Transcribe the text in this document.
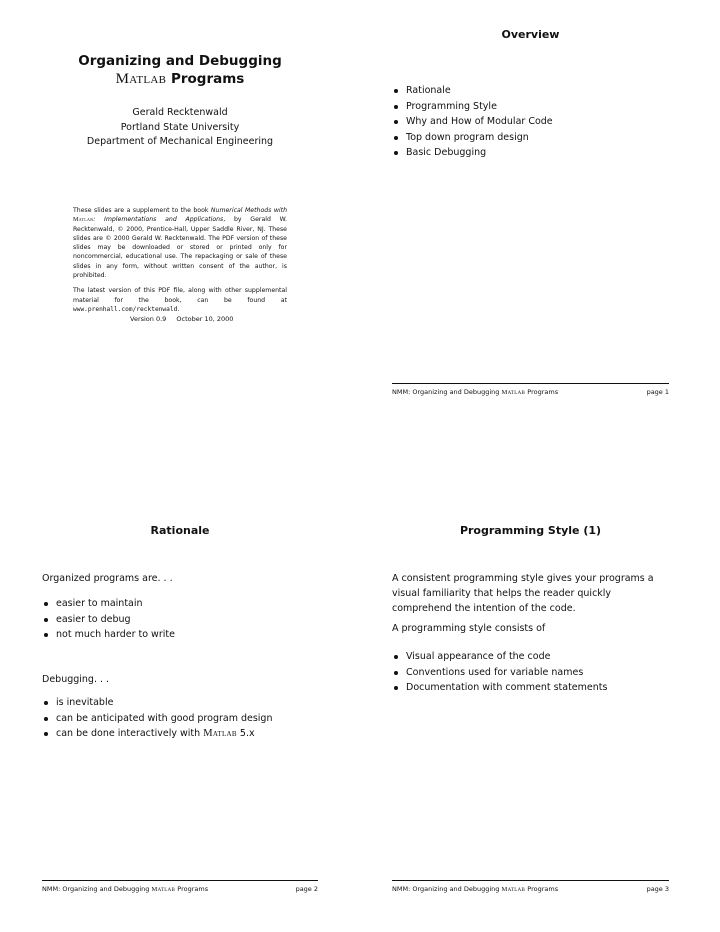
Organizing and Debugging
Matlab Programs
Gerald Recktenwald
Portland State University
Department of Mechanical Engineering

These slides are a supplement to the book Numerical Methods with Matlab: Implementations and Applications, by Gerald W. Recktenwald, © 2000, Prentice-Hall, Upper Saddle River, NJ. These slides are © 2000 Gerald W. Recktenwald. The PDF version of these slides may be downloaded or stored or printed only for noncommercial, educational use. The repackaging or sale of these slides in any form, without written consent of the author, is prohibited.

The latest version of this PDF file, along with other supplemental material for the book, can be found at www.prenhall.com/recktenwald.

Version 0.9 October 10, 2000
Overview
Rationale
Programming Style
Why and How of Modular Code
Top down program design
Basic Debugging
NMM: Organizing and Debugging Matlab Programs	page 1
Rationale

Organized programs are. . .

easier to maintain
easier to debug
not much harder to write

Debugging. . .

is inevitable
can be anticipated with good program design
can be done interactively with Matlab 5.x
NMM: Organizing and Debugging Matlab Programs	page 2
Programming Style (1)

A consistent programming style gives your programs a visual familiarity that helps the reader quickly comprehend the intention of the code.

A programming style consists of

Visual appearance of the code
Conventions used for variable names
Documentation with comment statements
NMM: Organizing and Debugging Matlab Programs	page 3
